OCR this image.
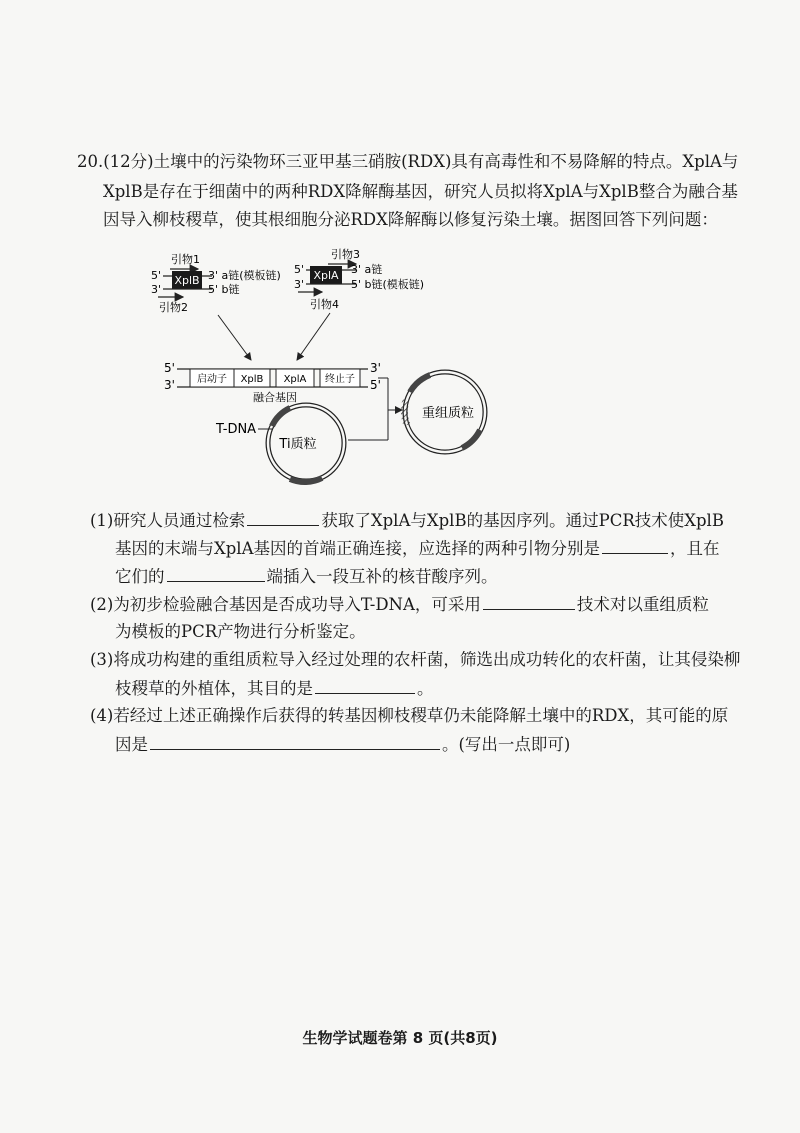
20.(12分)土壤中的污染物环三亚甲基三硝胺(RDX)具有高毒性和不易降解的特点。XplA与
XplB是存在于细菌中的两种RDX降解酶基因，研究人员拟将XplA与XplB整合为融合基
因导入柳枝稷草，使其根细胞分泌RDX降解酶以修复污染土壤。据图回答下列问题：
引物1
5' XplB 3' a链(模板链)
3'	5' b链
引物2
引物3
5' XplA 3' a链
3'	5' b链(模板链)
引物4
5'
3'
3'
5'
启动子 XplB XplA 终止子
融合基因
Ti质粒
T-DNA
重组质粒
(1)研究人员通过检索	获取了XplA与XplB的基因序列。通过PCR技术使XplB
基因的末端与XplA基因的首端正确连接，应选择的两种引物分别是	，且在
它们的	端插入一段互补的核苷酸序列。
(2)为初步检验融合基因是否成功导入T-DNA，可采用	技术对以重组质粒
为模板的PCR产物进行分析鉴定。
(3)将成功构建的重组质粒导入经过处理的农杆菌，筛选出成功转化的农杆菌，让其侵染柳
枝稷草的外植体，其目的是	。
(4)若经过上述正确操作后获得的转基因柳枝稷草仍未能降解土壤中的RDX，其可能的原
因是	。(写出一点即可)
生物学试题卷第 8 页(共8页)
